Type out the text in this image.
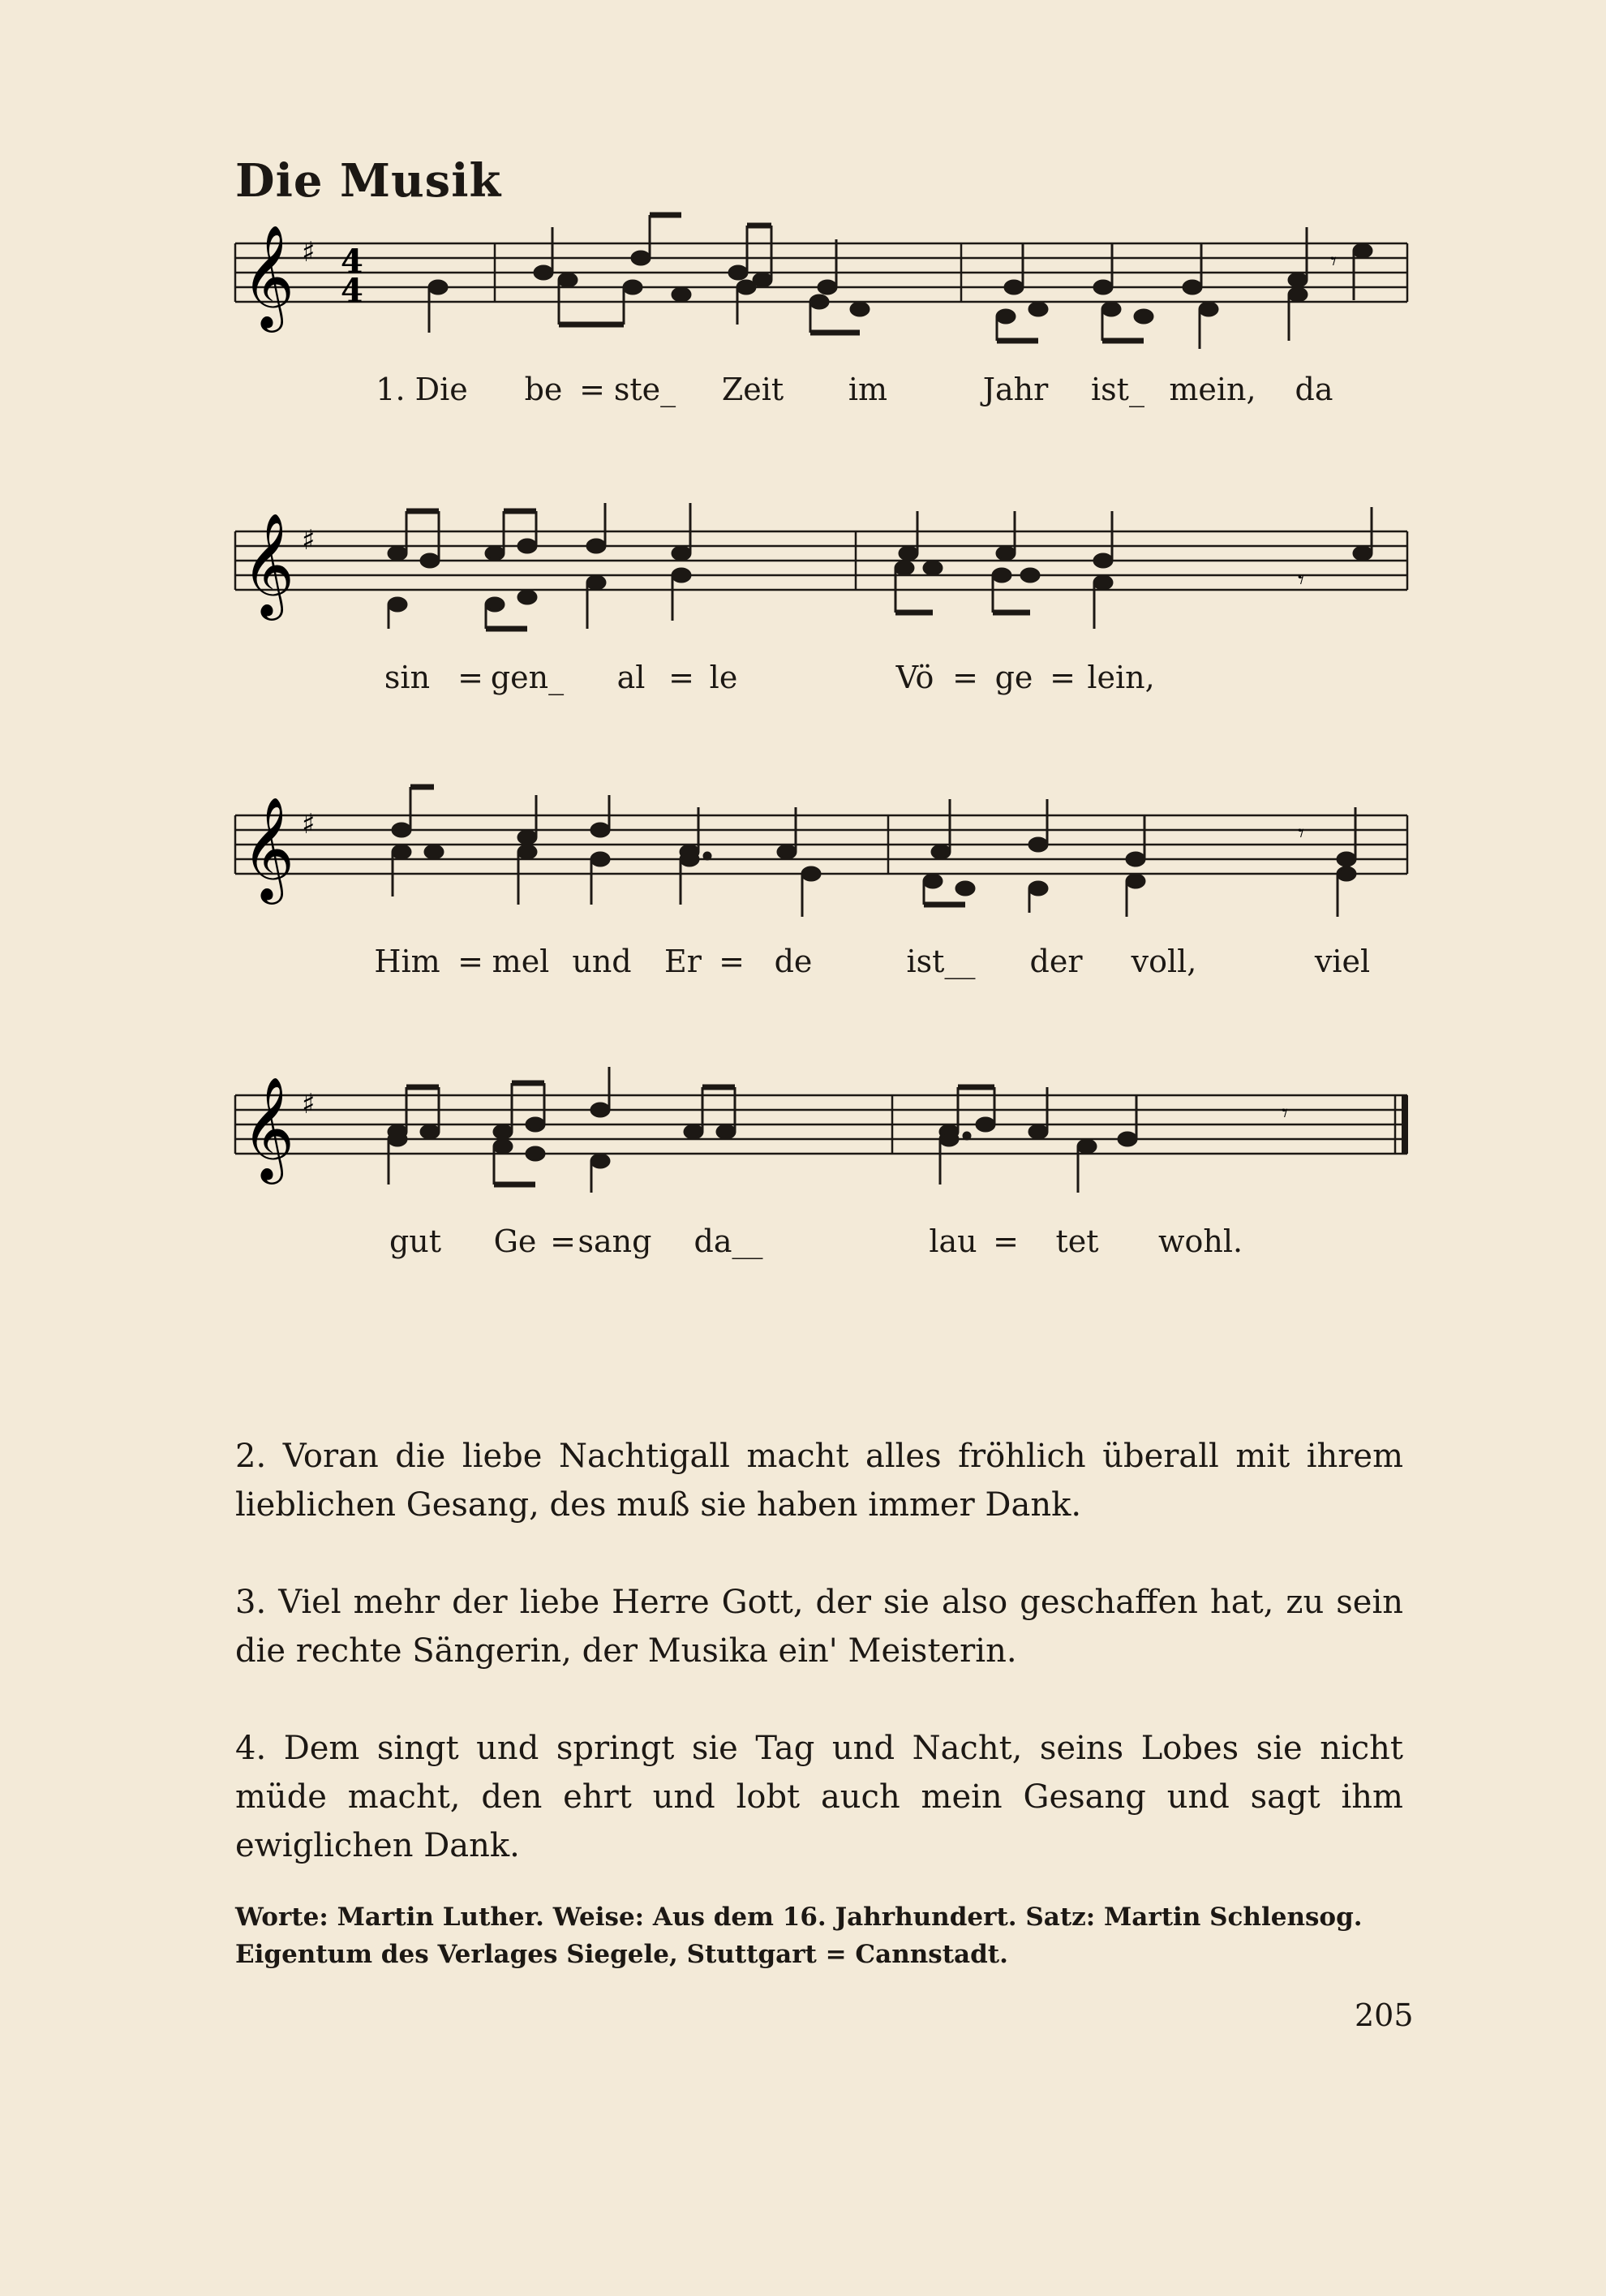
Die Musik
𝄞 ♯ 4
4
𝄾
1. Die be = ste_ Zeit im	Jahr ist_ mein, da
𝄞 ♯
𝄾
sin = gen_ al = le	Vö = ge = lein,
𝄞 ♯	𝄾
Him = mel und Er = de	ist__ der voll,	viel
𝄞 ♯	𝄾
gut Ge = sang da__	lau = tet wohl.
2. Voran die liebe Nachtigall macht alles fröhlich überall mit ihrem lieblichen Gesang, des muß sie haben immer Dank.
3. Viel mehr der liebe Herre Gott, der sie also geschaffen hat, zu sein die rechte Sängerin, der Musika ein' Meisterin.
4. Dem singt und springt sie Tag und Nacht, seins Lobes sie nicht müde macht, den ehrt und lobt auch mein Gesang und sagt ihm ewiglichen Dank.
Worte: Martin Luther. Weise: Aus dem 16. Jahrhundert. Satz: Martin Schlensog.
Eigentum des Verlages Siegele, Stuttgart = Cannstadt.
205
